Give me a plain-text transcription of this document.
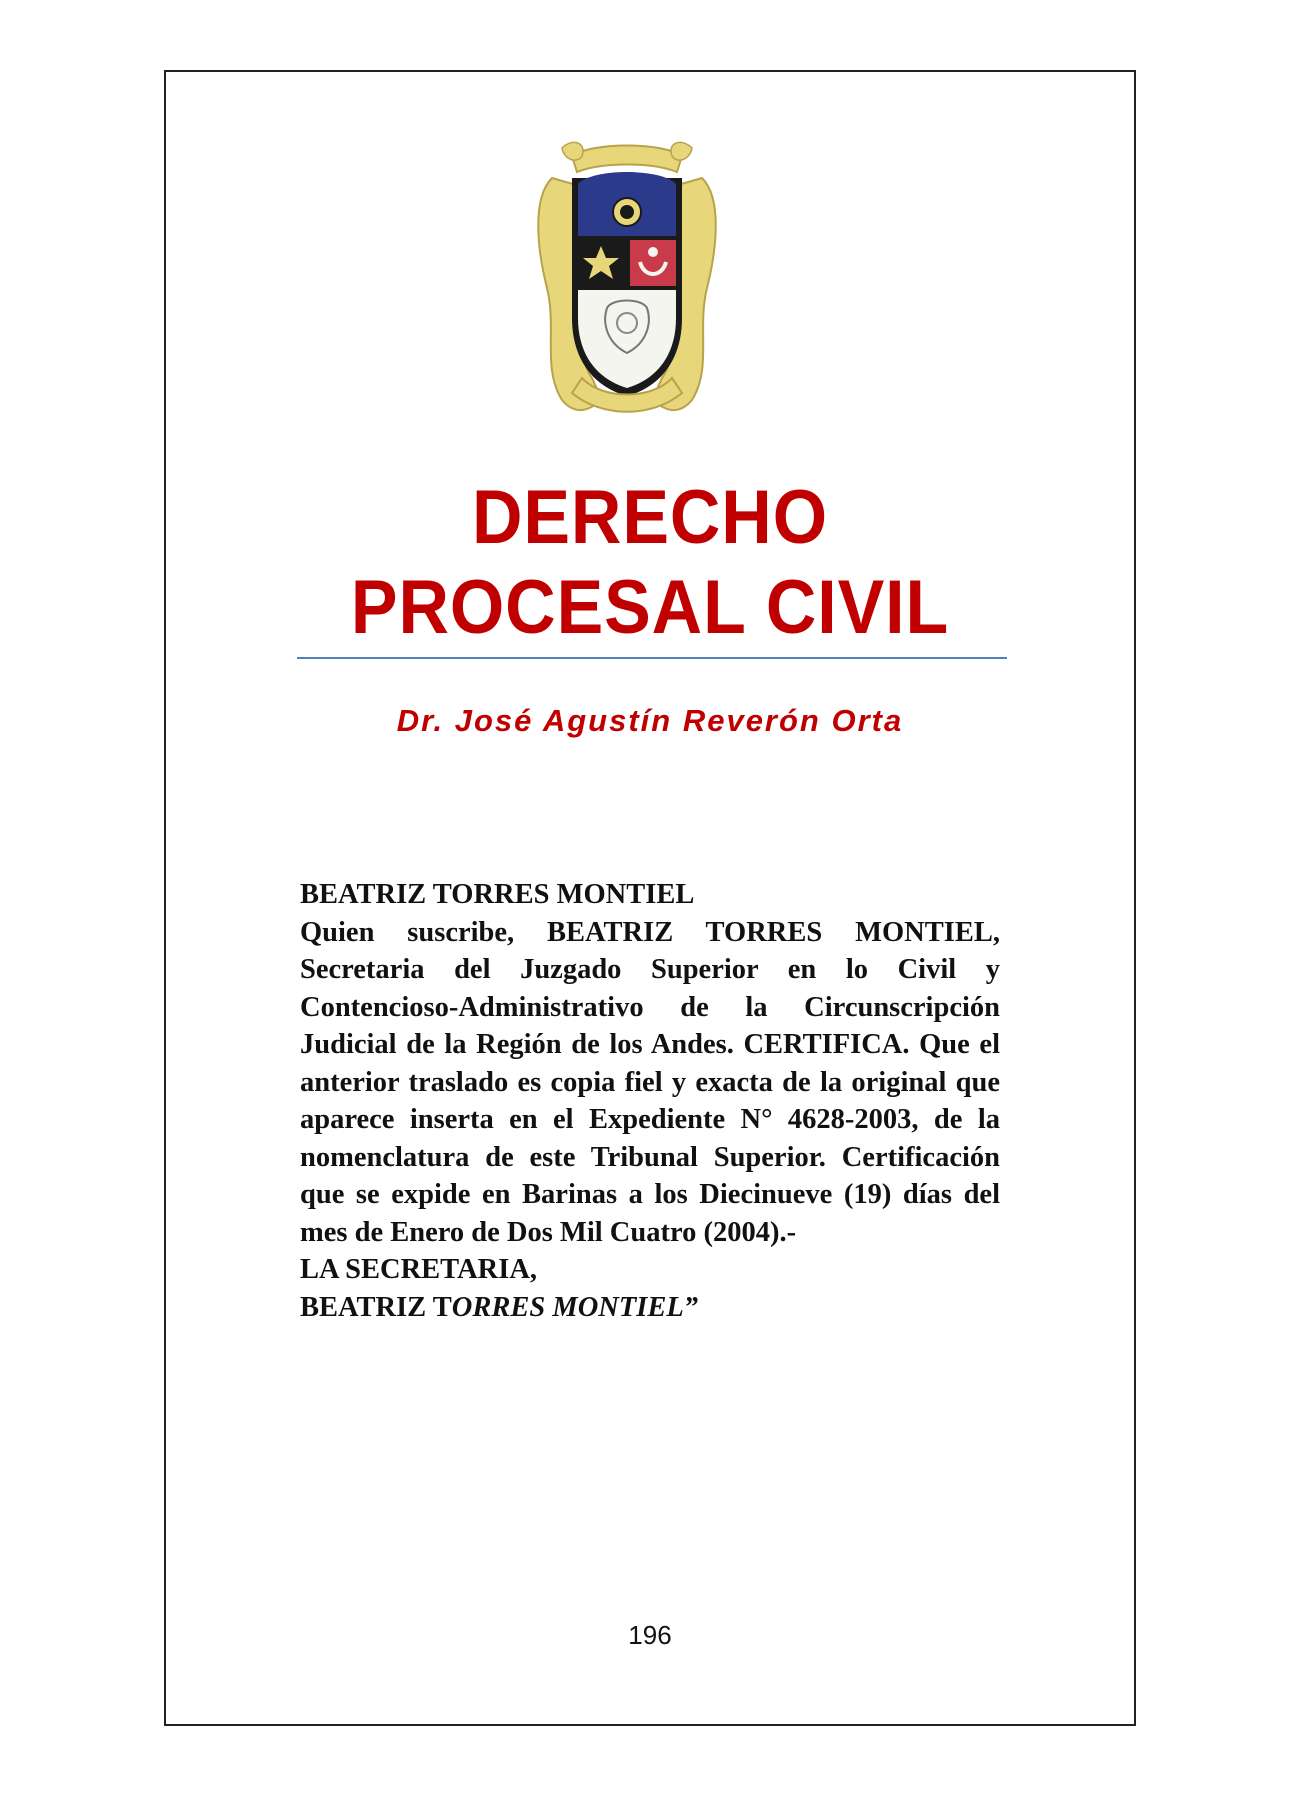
DERECHO
PROCESAL CIVIL
Dr. José Agustín Reverón Orta

BEATRIZ TORRES MONTIEL

Quien suscribe, BEATRIZ TORRES MONTIEL, Secretaria del Juzgado Superior en lo Civil y Contencioso-Administrativo de la Circunscripción Judicial de la Región de los Andes. CERTIFICA. Que el anterior traslado es copia fiel y exacta de la original que aparece inserta en el Expediente N° 4628-2003, de la nomenclatura de este Tribunal Superior. Certificación que se expide en Barinas a los Diecinueve (19) días del mes de Enero de Dos Mil Cuatro (2004).-

LA SECRETARIA,

BEATRIZ TORRES MONTIEL”

196
